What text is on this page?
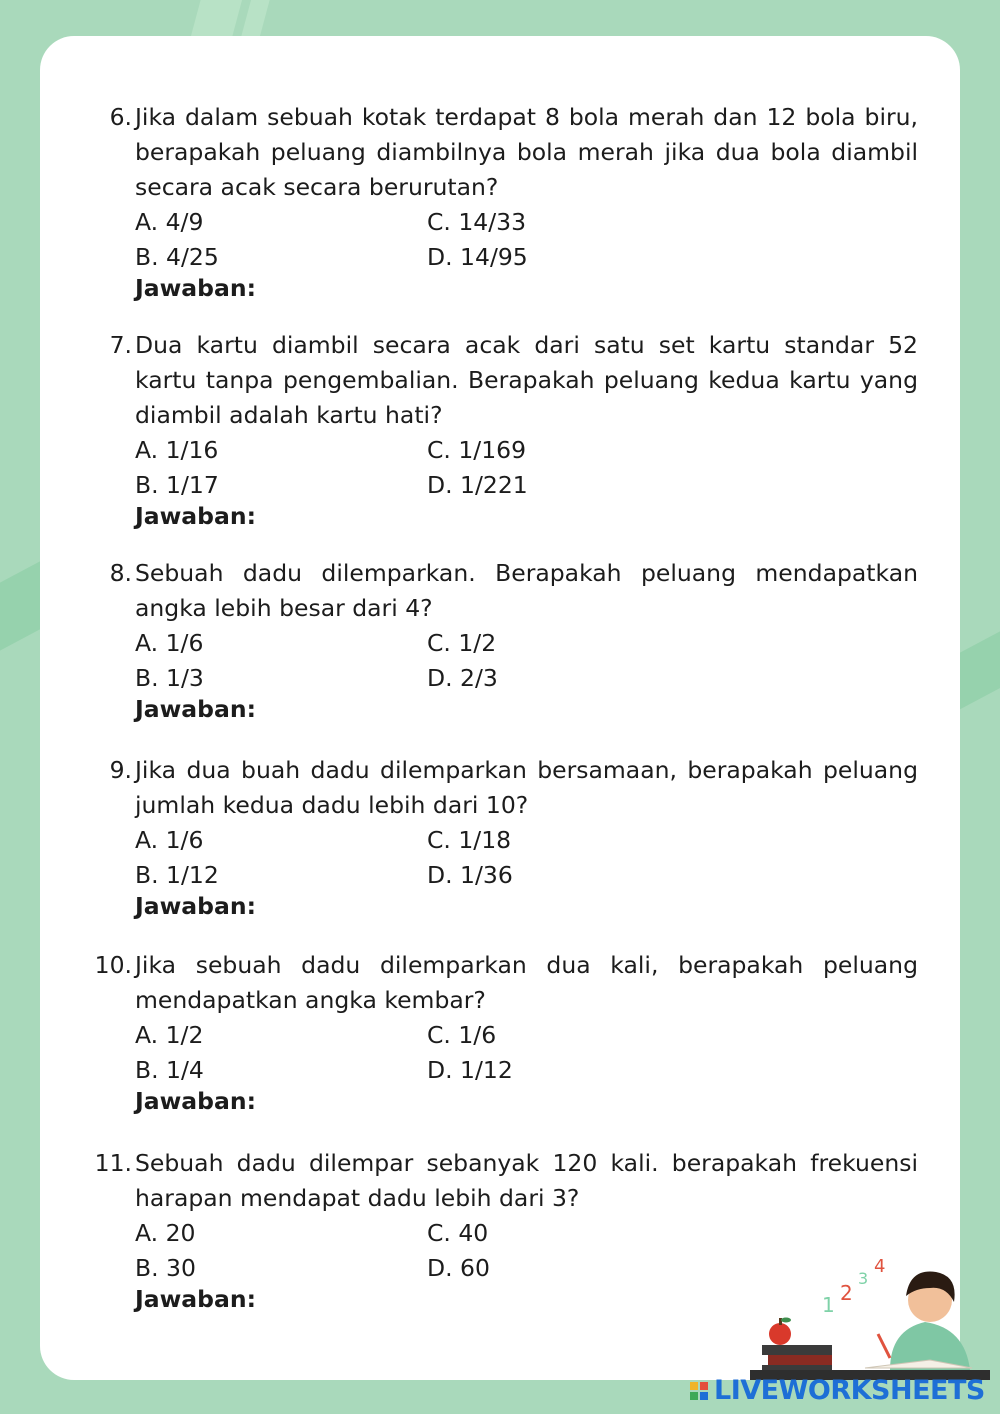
6. Jika dalam sebuah kotak terdapat 8 bola merah dan 12 bola biru, berapakah peluang diambilnya bola merah jika dua bola diambil secara acak secara berurutan?
A. 4/9	C. 14/33
B. 4/25	D. 14/95
Jawaban:
7. Dua kartu diambil secara acak dari satu set kartu standar 52 kartu tanpa pengembalian. Berapakah peluang kedua kartu yang diambil adalah kartu hati?
A. 1/16	C. 1/169
B. 1/17	D. 1/221
Jawaban:
8. Sebuah dadu dilemparkan. Berapakah peluang mendapatkan angka lebih besar dari 4?
A. 1/6	C. 1/2
B. 1/3	D. 2/3
Jawaban:
9. Jika dua buah dadu dilemparkan bersamaan, berapakah peluang jumlah kedua dadu lebih dari 10?
A. 1/6	C. 1/18
B. 1/12	D. 1/36
Jawaban:
10. Jika sebuah dadu dilemparkan dua kali, berapakah peluang mendapatkan angka kembar?
A. 1/2	C. 1/6
B. 1/4	D. 1/12
Jawaban:
11. Sebuah dadu dilempar sebanyak 120 kali. berapakah frekuensi harapan mendapat dadu lebih dari 3?
A. 20	C. 40
B. 30	D. 60
Jawaban:	1 2
3
4
LIVEWORKSHEETS
